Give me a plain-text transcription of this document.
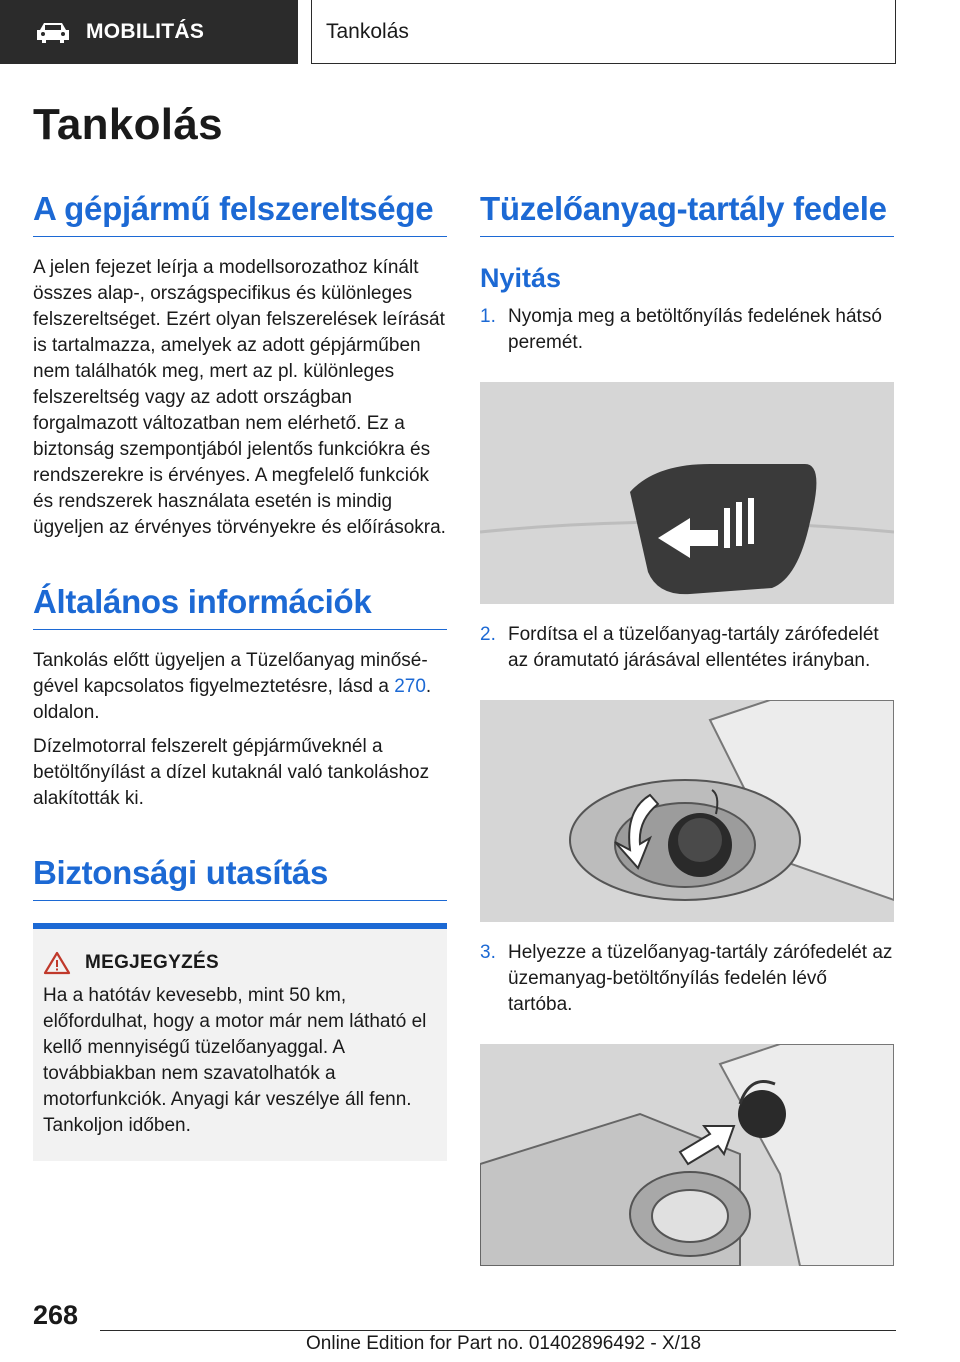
MOBILITÁS	Tankolás
Tankolás
A gépjármű felszereltsége

A jelen fejezet leírja a modellsorozathoz kínált összes alap-, országspecifikus és különleges felszereltséget. Ezért olyan felszerelések leírását is tartalmazza, amelyek az adott gépjárműben nem találhatók meg, mert az pl. különleges felszereltség vagy az adott országban forgalmazott változatban nem elérhető. Ez a biztonság szempontjából jelentős funkciókra és rendszerekre is érvényes. A megfelelő funkciók és rendszerek használata esetén is mindig ügyeljen az érvényes törvényekre és előírásokra.

Általános információk

Tankolás előtt ügyeljen a Tüzelőanyag minőségével kapcsolatos figyelmeztetésre, lásd a 270. oldalon.

Dízelmotorral felszerelt gépjárműveknél a betöltőnyílást a dízel kutaknál való tankoláshoz alakították ki.

Biztonsági utasítás
MEGJEGYZÉS

Ha a hatótáv kevesebb, mint 50 km, előfordulhat, hogy a motor már nem látható el kellő mennyiségű tüzelőanyaggal. A továbbiakban nem szavatolhatók a motorfunkciók. Anyagi kár veszélye áll fenn. Tankoljon időben.

Tüzelőanyag-tartály fedele
Nyitás
1. Nyomja meg a betöltőnyílás fedelének hátsó peremét.
2. Fordítsa el a tüzelőanyag-tartály zárófedelét az óramutató járásával ellentétes irányban.
3. Helyezze a tüzelőanyag-tartály zárófedelét az üzemanyag-betöltőnyílás fedelén lévő tartóba.
268
Online Edition for Part no. 01402896492 - X/18
